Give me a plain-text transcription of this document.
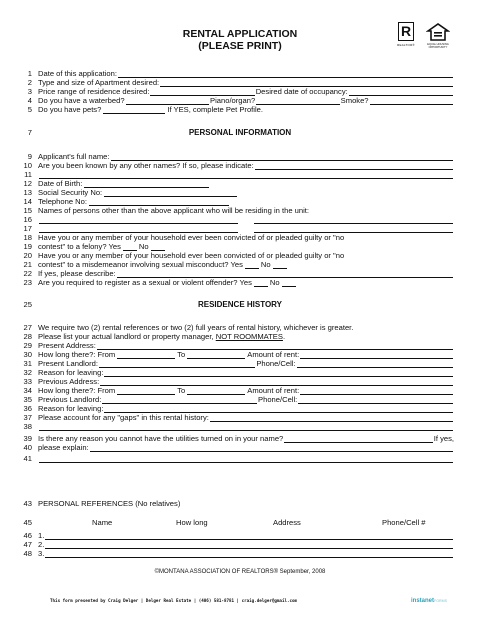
RENTAL APPLICATION
(PLEASE PRINT)
R
REALTOR®	EQUAL HOUSING OPPORTUNITY
1 Date of this application:
2 Type and size of Apartment desired:
3 Price range of residence desired:	Desired date of occupancy:
4 Do you have a waterbed?	Piano/organ?	Smoke?
5 Do you have pets?	If YES, complete Pet Profile.
9 Applicant's full name:
10 Are you been known by any other names? If so, please indicate:
11
12 Date of Birth:
13 Social Security No:
14 Telephone No:
15 Names of persons other than the above applicant who will be residing in the unit:
16
17
18 Have you or any member of your household ever been convicted of or pleaded guilty or "no
19 contest" to a felony? Yes No
20 Have you or any member of your household ever been convicted of or pleaded guilty or "no
21 contest" to a misdemeanor involving sexual misconduct? Yes No
22 If yes, please describe:
23 Are you required to register as a sexual or violent offender? Yes No
27 We require two (2) rental references or two (2) full years of rental history, whichever is greater.
28 Please list your actual landlord or property manager, NOT ROOMMATES .
29 Present Address:
30 How long there?: From	To	Amount of rent:
31 Present Landlord:	Phone/Cell:
32 Reason for leaving:
33 Previous Address:
34 How long there?: From	To	Amount of rent:
35 Previous Landlord:	Phone/Cell:
36 Reason for leaving:
37 Please account for any "gaps" in this rental history:
38
39 Is there any reason you cannot have the utilities turned on in your name?	If yes,
40 please explain:
41
46 1.
47 2.
48 3.
7	PERSONAL INFORMATION
25	RESIDENCE HISTORY
43 PERSONAL REFERENCES (No relatives)
45	Name	How long	Address	Phone/Cell #
©MONTANA ASSOCIATION OF REALTORS® September, 2008
This form presented by Craig Delger | Delger Real Estate | (406) 581-8781 | craig.delger@gmail.com	instanetFORMS
